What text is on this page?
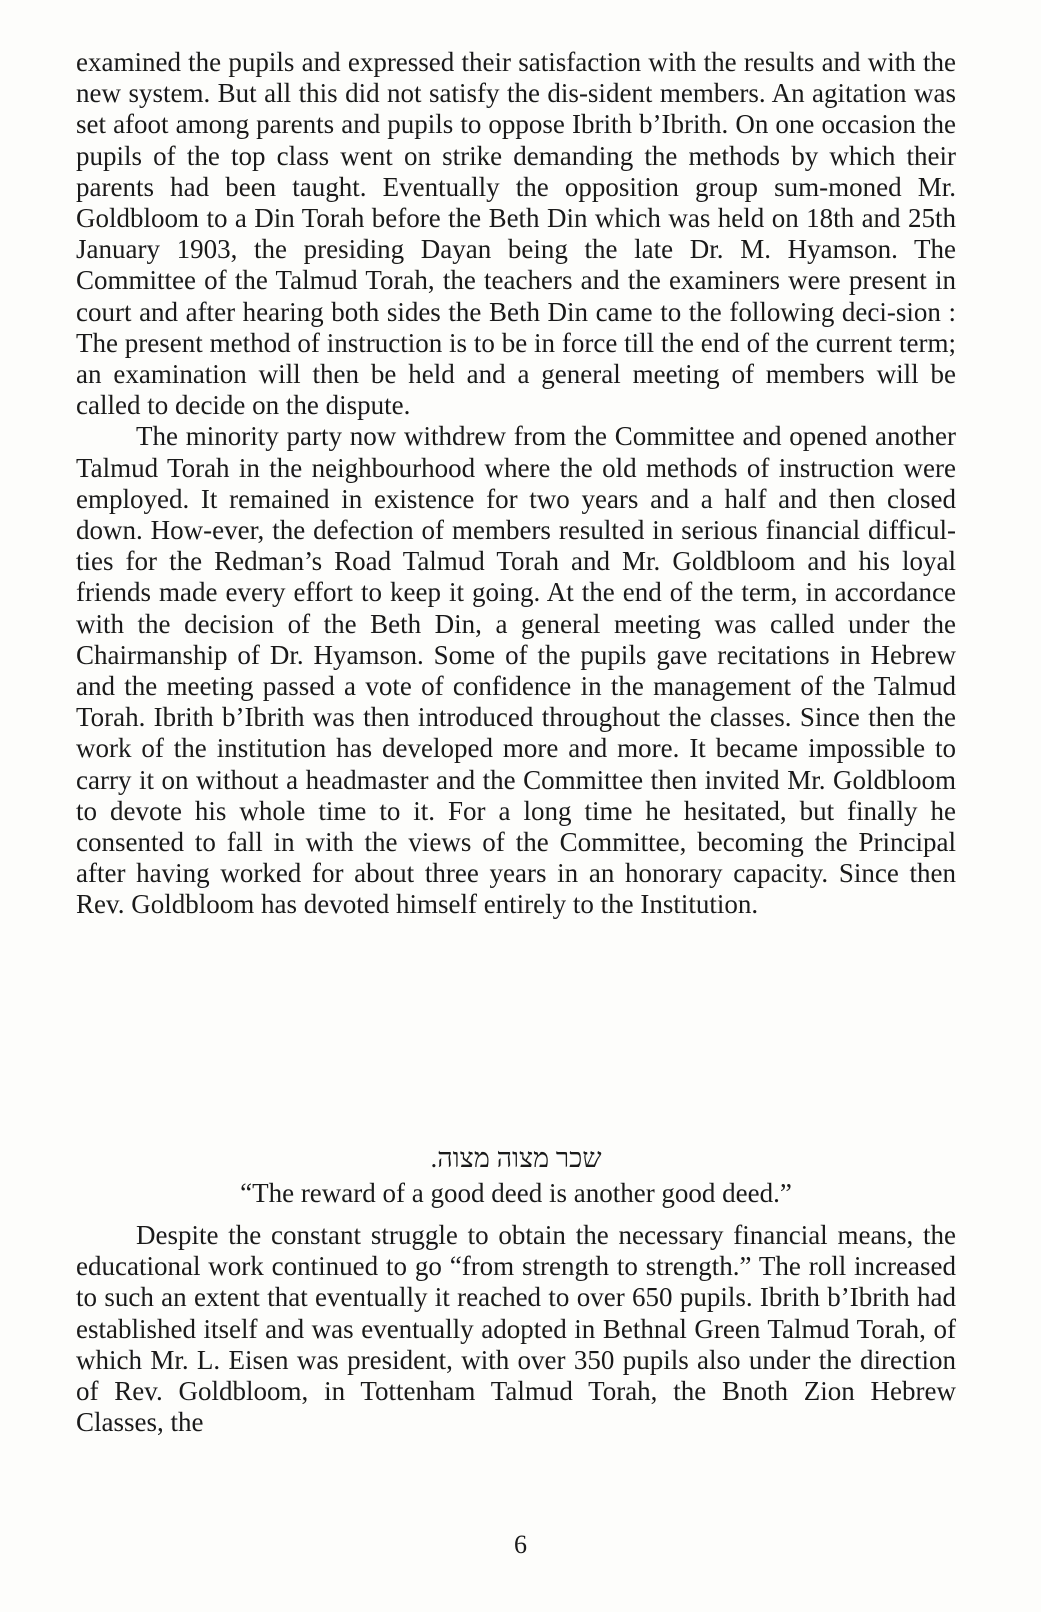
examined the pupils and expressed their satisfaction with the results and with the new system. But all this did not satisfy the dis-sident members. An agitation was set afoot among parents and pupils to oppose Ibrith b’Ibrith. On one occasion the pupils of the top class went on strike demanding the methods by which their parents had been taught. Eventually the opposition group sum-moned Mr. Goldbloom to a Din Torah before the Beth Din which was held on 18th and 25th January 1903, the presiding Dayan being the late Dr. M. Hyamson. The Committee of the Talmud Torah, the teachers and the examiners were present in court and after hearing both sides the Beth Din came to the following deci-sion : The present method of instruction is to be in force till the end of the current term; an examination will then be held and a general meeting of members will be called to decide on the dispute.

The minority party now withdrew from the Committee and opened another Talmud Torah in the neighbourhood where the old methods of instruction were employed. It remained in existence for two years and a half and then closed down. How-ever, the defection of members resulted in serious financial difficul-ties for the Redman’s Road Talmud Torah and Mr. Goldbloom and his loyal friends made every effort to keep it going. At the end of the term, in accordance with the decision of the Beth Din, a general meeting was called under the Chairmanship of Dr. Hyamson. Some of the pupils gave recitations in Hebrew and the meeting passed a vote of confidence in the management of the Talmud Torah. Ibrith b’Ibrith was then introduced throughout the classes. Since then the work of the institution has developed more and more. It became impossible to carry it on without a headmaster and the Committee then invited Mr. Goldbloom to devote his whole time to it. For a long time he hesitated, but finally he consented to fall in with the views of the Committee, becoming the Principal after having worked for about three years in an honorary capacity. Since then Rev. Goldbloom has devoted himself entirely to the Institution.

שכר מצוה מצוה.
“The reward of a good deed is another good deed.”

Despite the constant struggle to obtain the necessary financial means, the educational work continued to go “from strength to strength.” The roll increased to such an extent that eventually it reached to over 650 pupils. Ibrith b’Ibrith had established itself and was eventually adopted in Bethnal Green Talmud Torah, of which Mr. L. Eisen was president, with over 350 pupils also under the direction of Rev. Goldbloom, in Tottenham Talmud Torah, the Bnoth Zion Hebrew Classes, the

6
